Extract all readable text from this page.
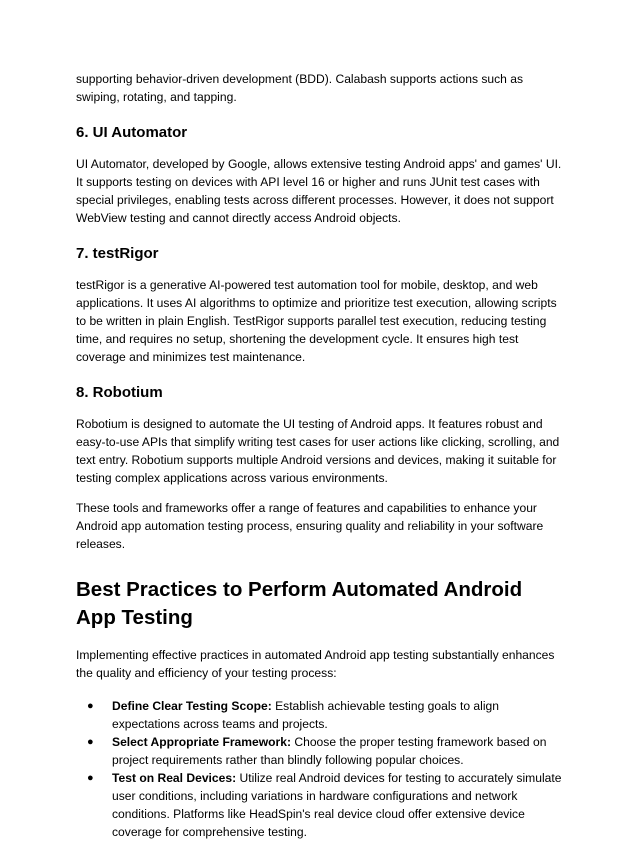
supporting behavior-driven development (BDD). Calabash supports actions such as swiping, rotating, and tapping.

6. UI Automator

UI Automator, developed by Google, allows extensive testing Android apps' and games' UI. It supports testing on devices with API level 16 or higher and runs JUnit test cases with special privileges, enabling tests across different processes. However, it does not support WebView testing and cannot directly access Android objects.

7. testRigor

testRigor is a generative AI-powered test automation tool for mobile, desktop, and web applications. It uses AI algorithms to optimize and prioritize test execution, allowing scripts to be written in plain English. TestRigor supports parallel test execution, reducing testing time, and requires no setup, shortening the development cycle. It ensures high test coverage and minimizes test maintenance.

8. Robotium

Robotium is designed to automate the UI testing of Android apps. It features robust and easy-to-use APIs that simplify writing test cases for user actions like clicking, scrolling, and text entry. Robotium supports multiple Android versions and devices, making it suitable for testing complex applications across various environments.

These tools and frameworks offer a range of features and capabilities to enhance your Android app automation testing process, ensuring quality and reliability in your software releases.

Best Practices to Perform Automated Android App Testing

Implementing effective practices in automated Android app testing substantially enhances the quality and efficiency of your testing process:

● Define Clear Testing Scope: Establish achievable testing goals to align expectations across teams and projects.
● Select Appropriate Framework: Choose the proper testing framework based on project requirements rather than blindly following popular choices.
● Test on Real Devices: Utilize real Android devices for testing to accurately simulate user conditions, including variations in hardware configurations and network conditions. Platforms like HeadSpin's real device cloud offer extensive device coverage for comprehensive testing.
